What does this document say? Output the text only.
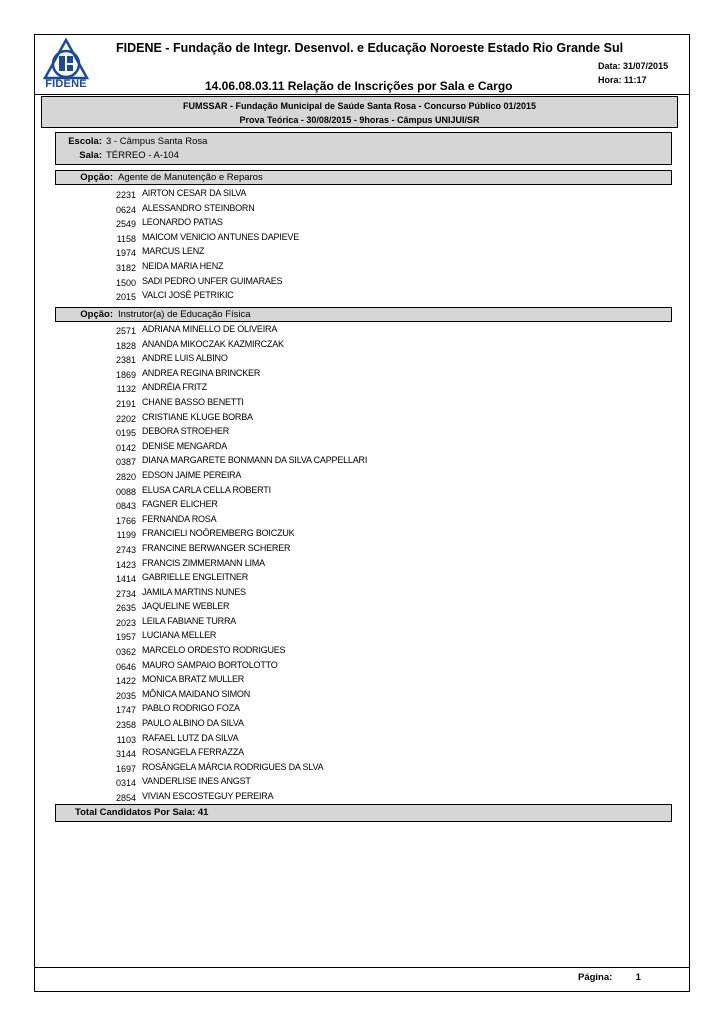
FIDENE
FIDENE - Fundação de Integr. Desenvol. e Educação Noroeste Estado Rio Grande Sul
14.06.08.03.11 Relação de Inscrições por Sala e Cargo
Data: 31/07/2015
Hora: 11:17
FUMSSAR - Fundação Municipal de Saúde Santa Rosa - Concurso Público 01/2015
Prova Teórica - 30/08/2015 - 9horas - Câmpus UNIJUI/SR
Escola: 3 - Câmpus Santa Rosa
Sala: TÉRREO - A-104
Opção: Agente de Manutenção e Reparos
2231 AIRTON CESAR DA SILVA
0624 ALESSANDRO STEINBORN
2549 LEONARDO PATIAS
1158 MAICOM VENICIO ANTUNES DAPIEVE
1974 MARCUS LENZ
3182 NEIDA MARIA HENZ
1500 SADI PEDRO UNFER GUIMARAES
2015 VALCI JOSÉ PETRIKIC
Opção: Instrutor(a) de Educação Física
2571 ADRIANA MINELLO DE OLIVEIRA
1828 ANANDA MIKOCZAK KAZMIRCZAK
2381 ANDRE LUIS ALBINO
1869 ANDREA REGINA BRINCKER
1132 ANDRÉIA FRITZ
2191 CHANE BASSO BENETTI
2202 CRISTIANE KLUGE BORBA
0195 DEBORA STROEHER
0142 DENISE MENGARDA
0387 DIANA MARGARETE BONMANN DA SILVA CAPPELLARI
2820 EDSON JAIME PEREIRA
0088 ELUSA CARLA CELLA ROBERTI
0843 FAGNER ELICHER
1766 FERNANDA ROSA
1199 FRANCIELI NOÖREMBERG BOICZUK
2743 FRANCINE BERWANGER SCHERER
1423 FRANCIS ZIMMERMANN LIMA
1414 GABRIELLE ENGLEITNER
2734 JAMILA MARTINS NUNES
2635 JAQUELINE WEBLER
2023 LEILA FABIANE TURRA
1957 LUCIANA MELLER
0362 MARCELO ORDESTO RODRIGUES
0646 MAURO SAMPAIO BORTOLOTTO
1422 MONICA BRATZ MULLER
2035 MÔNICA MAIDANO SIMON
1747 PABLO RODRIGO FOZA
2358 PAULO ALBINO DA SILVA
1103 RAFAEL LUTZ DA SILVA
3144 ROSANGELA FERRAZZA
1697 ROSÂNGELA MÁRCIA RODRIGUES DA SLVA
0314 VANDERLISE INES ANGST
2854 VIVIAN ESCOSTEGUY PEREIRA
Total Candidatos Por Sala: 41
Página: 1
